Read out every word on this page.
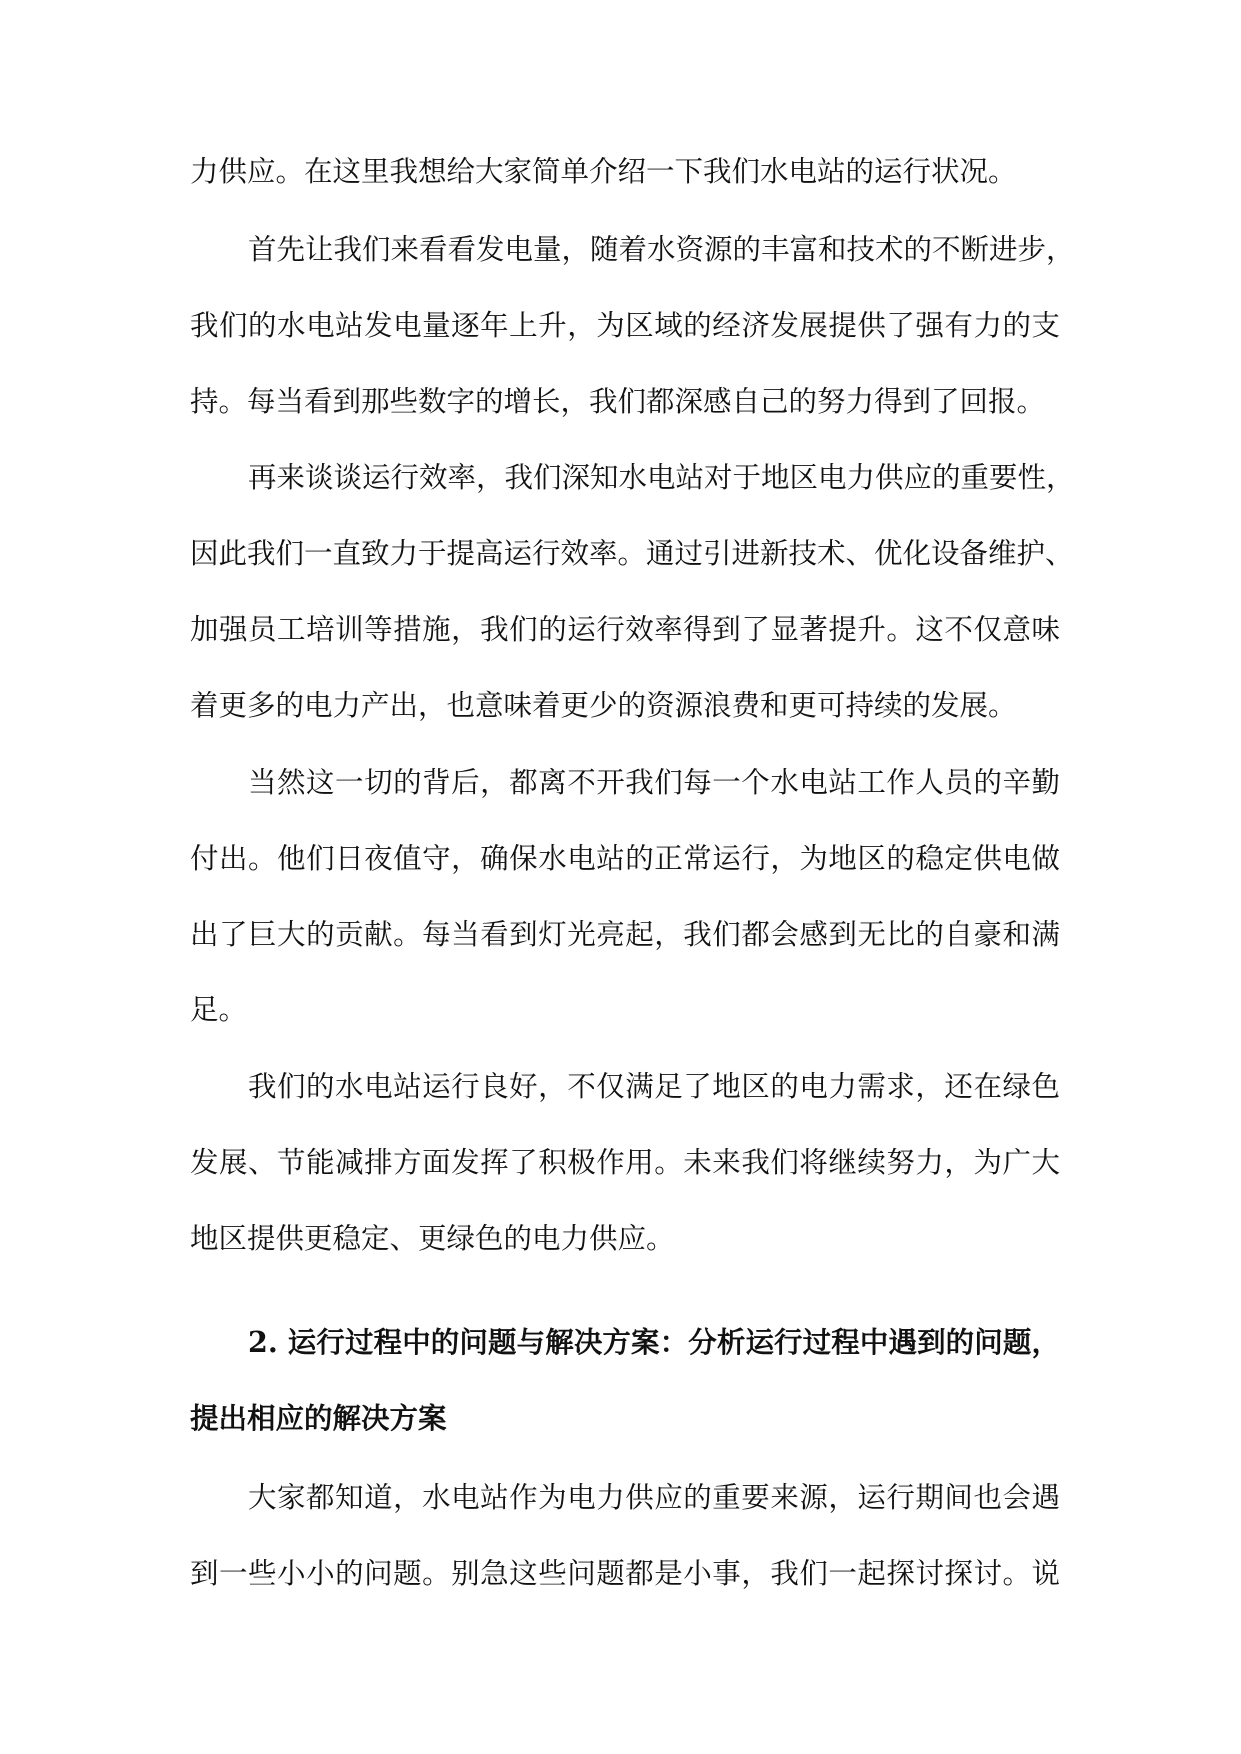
力供应。在这里我想给大家简单介绍一下我们水电站的运行状况。
首先让我们来看看发电量，随着水资源的丰富和技术的不断进步，
我们的水电站发电量逐年上升，为区域的经济发展提供了强有力的支
持。每当看到那些数字的增长，我们都深感自己的努力得到了回报。
再来谈谈运行效率，我们深知水电站对于地区电力供应的重要性，
因此我们一直致力于提高运行效率。通过引进新技术、优化设备维护、
加强员工培训等措施，我们的运行效率得到了显著提升。这不仅意味
着更多的电力产出，也意味着更少的资源浪费和更可持续的发展。
当然这一切的背后，都离不开我们每一个水电站工作人员的辛勤
付出。他们日夜值守，确保水电站的正常运行，为地区的稳定供电做
出了巨大的贡献。每当看到灯光亮起，我们都会感到无比的自豪和满
足。
我们的水电站运行良好，不仅满足了地区的电力需求，还在绿色
发展、节能减排方面发挥了积极作用。未来我们将继续努力，为广大
地区提供更稳定、更绿色的电力供应。
2. 运行过程中的问题与解决方案：分析运行过程中遇到的问题，
提出相应的解决方案
大家都知道，水电站作为电力供应的重要来源，运行期间也会遇
到一些小小的问题。别急这些问题都是小事，我们一起探讨探讨。说
